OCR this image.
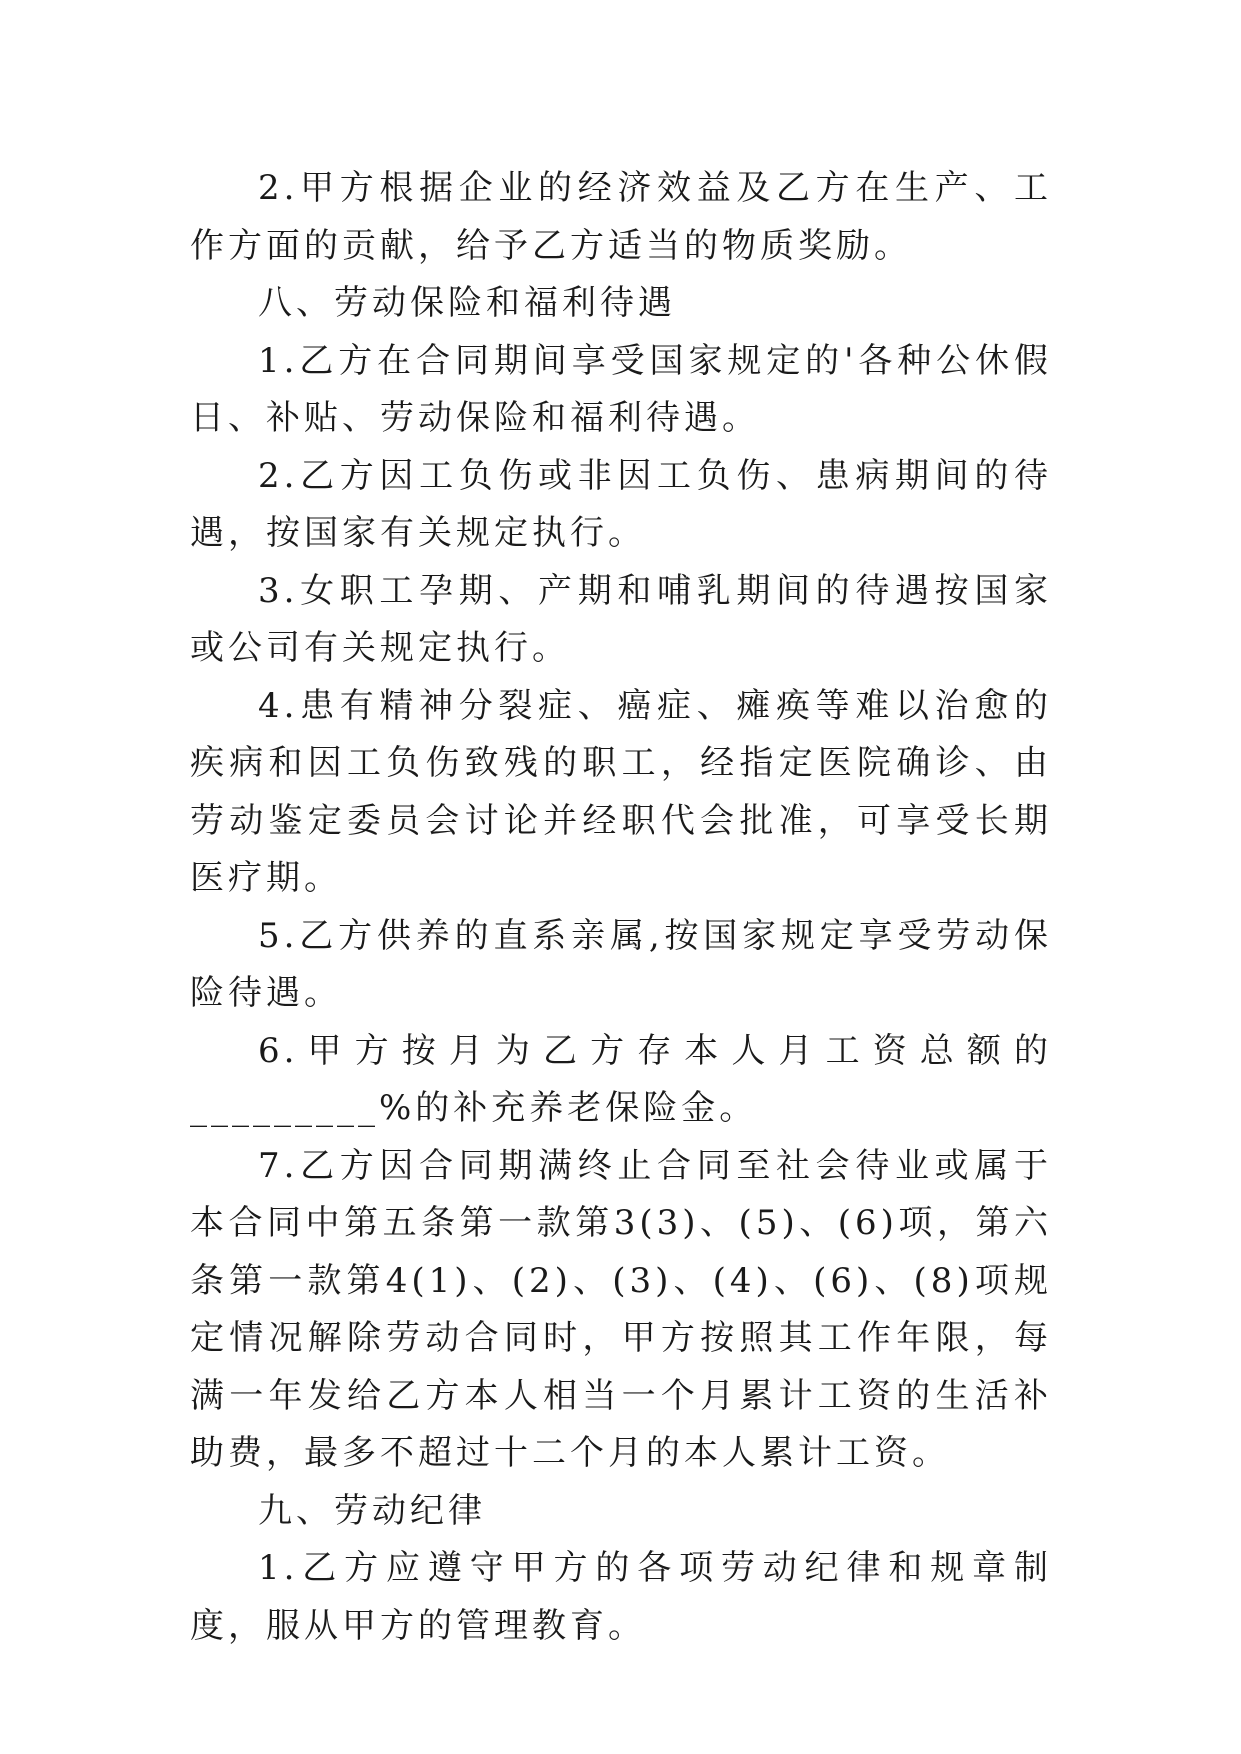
2.甲方根据企业的经济效益及乙方在生产、工作方面的贡献，给予乙方适当的物质奖励。

八、劳动保险和福利待遇

1.乙方在合同期间享受国家规定的'各种公休假日、补贴、劳动保险和福利待遇。

2.乙方因工负伤或非因工负伤、患病期间的待遇，按国家有关规定执行。

3.女职工孕期、产期和哺乳期间的待遇按国家或公司有关规定执行。

4.患有精神分裂症、癌症、瘫痪等难以治愈的疾病和因工负伤致残的职工，经指定医院确诊、由劳动鉴定委员会讨论并经职代会批准，可享受长期医疗期。

5.乙方供养的直系亲属,按国家规定享受劳动保险待遇。

6.甲方按月为乙方存本人月工资总额的_________%的补充养老保险金。

7.乙方因合同期满终止合同至社会待业或属于本合同中第五条第一款第3(3)、(5)、(6)项，第六条第一款第4(1)、(2)、(3)、(4)、(6)、(8)项规定情况解除劳动合同时，甲方按照其工作年限，每满一年发给乙方本人相当一个月累计工资的生活补助费，最多不超过十二个月的本人累计工资。

九、劳动纪律

1.乙方应遵守甲方的各项劳动纪律和规章制度，服从甲方的管理教育。
